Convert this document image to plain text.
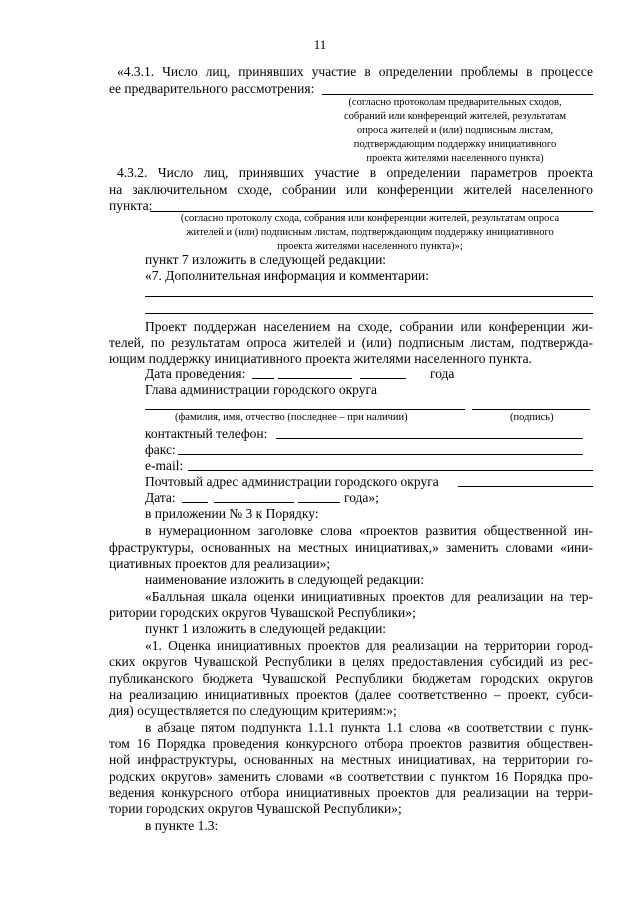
11
«4.3.1. Число лиц, принявших участие в определении проблемы в процессе
ее предварительного рассмотрения:
(согласно протоколам предварительных сходов,
собраний или конференций жителей, результатам
опроса жителей и (или) подписным листам,
подтверждающим поддержку инициативного
проекта жителями населенного пункта)
4.3.2. Число лиц, принявших участие в определении параметров проекта
на заключительном сходе, собрании или конференции жителей населенного
пункта:
(согласно протоколу схода, собрания или конференции жителей, результатам опроса
жителей и (или) подписным листам, подтверждающим поддержку инициативного
проекта жителями населенного пункта)»;
пункт 7 изложить в следующей редакции:
«7. Дополнительная информация и комментарии:
Проект поддержан населением на сходе, собрании или конференции жи-
телей, по результатам опроса жителей и (или) подписным листам, подтвержда-
ющим поддержку инициативного проекта жителями населенного пункта.
Дата проведения:	года
Глава администрации городского округа
(фамилия, имя, отчество (последнее – при наличии)	(подпись)
контактный телефон:
факс:
e-mail:
Почтовый адрес администрации городского округа
Дата:	года»;
в приложении № 3 к Порядку:
в нумерационном заголовке слова «проектов развития общественной ин-
фраструктуры, основанных на местных инициативах,» заменить словами «ини-
циативных проектов для реализации»;
наименование изложить в следующей редакции:
«Балльная шкала оценки инициативных проектов для реализации на тер-
ритории городских округов Чувашской Республики»;
пункт 1 изложить в следующей редакции:
«1. Оценка инициативных проектов для реализации на территории город-
ских округов Чувашской Республики в целях предоставления субсидий из рес-
публиканского бюджета Чувашской Республики бюджетам городских округов
на реализацию инициативных проектов (далее соответственно – проект, субси-
дия) осуществляется по следующим критериям:»;
в абзаце пятом подпункта 1.1.1 пункта 1.1 слова «в соответствии с пунк-
том 16 Порядка проведения конкурсного отбора проектов развития обществен-
ной инфраструктуры, основанных на местных инициативах, на территории го-
родских округов» заменить словами «в соответствии с пунктом 16 Порядка про-
ведения конкурсного отбора инициативных проектов для реализации на терри-
тории городских округов Чувашской Республики»;
в пункте 1.3:
